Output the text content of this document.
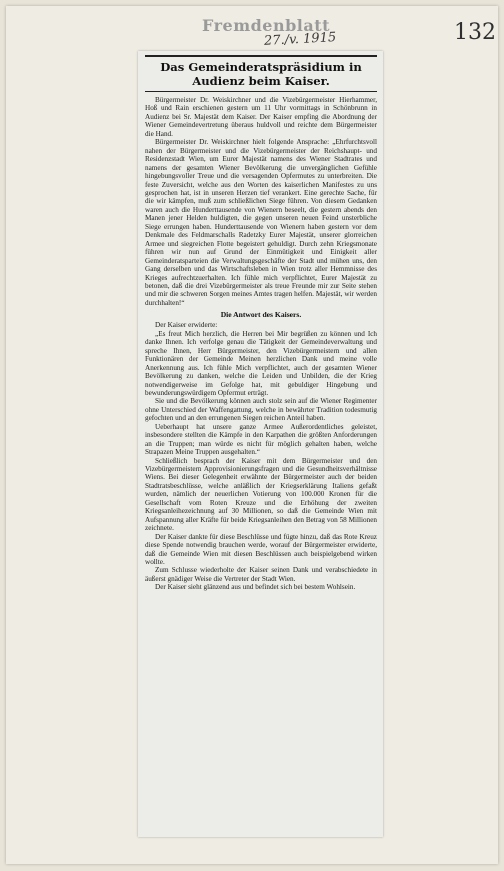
Fremdenblatt
27./v. 1915	132

Das Gemeinderatspräsidium in Audienz beim Kaiser.

Bürgermeister Dr. Weiskirchner und die Vizebürgermeister Hierhammer, Hoß und Rain erschienen gestern um 11 Uhr vormittags in Schönbrunn in Audienz bei Sr. Majestät dem Kaiser. Der Kaiser empfing die Abordnung der Wiener Gemeindevertretung überaus huldvoll und reichte dem Bürgermeister die Hand.

Bürgermeister Dr. Weiskirchner hielt folgende Ansprache: „Ehrfurchtsvoll nahen der Bürgermeister und die Vizebürgermeister der Reichshaupt- und Residenzstadt Wien, um Eurer Majestät namens des Wiener Stadtrates und namens der gesamten Wiener Bevölkerung die unvergänglichen Gefühle hingebungsvoller Treue und die versagenden Opfermutes zu unterbreiten. Die feste Zuversicht, welche aus den Worten des kaiserlichen Manifestes zu uns gesprochen hat, ist in unseren Herzen tief verankert. Eine gerechte Sache, für die wir kämpfen, muß zum schließlichen Siege führen. Von diesem Gedanken waren auch die Hunderttausende von Wienern beseelt, die gestern abends den Manen jener Helden huldigten, die gegen unseren neuen Feind unsterbliche Siege errungen haben. Hunderttausende von Wienern haben gestern vor dem Denkmale des Feldmarschalls Radetzky Eurer Majestät, unserer glorreichen Armee und siegreichen Flotte begeistert gehuldigt. Durch zehn Kriegsmonate führen wir nun auf Grund der Einmütigkeit und Einigkeit aller Gemeinderatsparteien die Verwaltungsgeschäfte der Stadt und mühen uns, den Gang derselben und das Wirtschaftsleben in Wien trotz aller Hemmnisse des Krieges aufrechtzuerhalten. Ich fühle mich verpflichtet, Eurer Majestät zu betonen, daß die drei Vizebürgermeister als treue Freunde mir zur Seite stehen und mir die schweren Sorgen meines Amtes tragen helfen. Majestät, wir werden durchhalten!“

Die Antwort des Kaisers.

Der Kaiser erwiderte:

„Es freut Mich herzlich, die Herren bei Mir begrüßen zu können und Ich danke Ihnen. Ich verfolge genau die Tätigkeit der Gemeindeverwaltung und spreche Ihnen, Herr Bürgermeister, den Vizebürgermeistern und allen Funktionären der Gemeinde Meinen herzlichen Dank und meine volle Anerkennung aus. Ich fühle Mich verpflichtet, auch der gesamten Wiener Bevölkerung zu danken, welche die Leiden und Unbilden, die der Krieg notwendigerweise im Gefolge hat, mit gebuldiger Hingebung und bewunderungswürdigem Opfermut erträgt.

Sie und die Bevölkerung können auch stolz sein auf die Wiener Regimenter ohne Unterschied der Waffengattung, welche in bewährter Tradition todesmutig gefochten und an den errungenen Siegen reichen Anteil haben.

Ueberhaupt hat unsere ganze Armee Außerordentliches geleistet, insbesondere stellten die Kämpfe in den Karpathen die größten Anforderungen an die Truppen; man würde es nicht für möglich gehalten haben, welche Strapazen Meine Truppen ausgehalten.“

Schließlich besprach der Kaiser mit dem Bürgermeister und den Vizebürgermeistern Approvisionierungsfragen und die Gesundheitsverhältnisse Wiens. Bei dieser Gelegenheit erwähnte der Bürgermeister auch der beiden Stadtratsbeschlüsse, welche anläßlich der Kriegserklärung Italiens gefaßt wurden, nämlich der neuerlichen Votierung von 100.000 Kronen für die Gesellschaft vom Roten Kreuze und die Erhöhung der zweiten Kriegsanleihezeichnung auf 30 Millionen, so daß die Gemeinde Wien mit Aufspannung aller Kräfte für beide Kriegsanleihen den Betrag von 58 Millionen zeichnete.

Der Kaiser dankte für diese Beschlüsse und fügte hinzu, daß das Rote Kreuz diese Spende notwendig brauchen werde, worauf der Bürgermeister erwiderte, daß die Gemeinde Wien mit diesen Beschlüssen auch beispielgebend wirken wollte.

Zum Schlusse wiederholte der Kaiser seinen Dank und verabschiedete in äußerst gnädiger Weise die Vertreter der Stadt Wien.

Der Kaiser sieht glänzend aus und befindet sich bei bestem Wohlsein.
